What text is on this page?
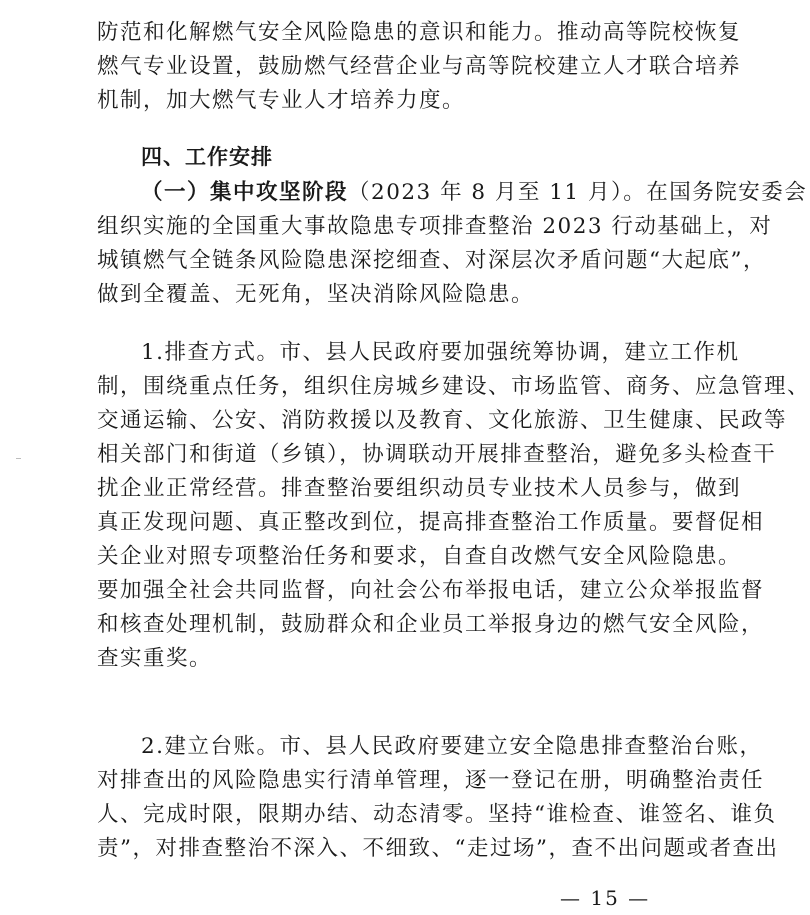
防范和化解燃气安全风险隐患的意识和能力。推动高等院校恢复
燃气专业设置，鼓励燃气经营企业与高等院校建立人才联合培养
机制，加大燃气专业人才培养力度。
四、工作安排
（一）集中攻坚阶段（2023 年 8 月至 11 月）。在国务院安委会
组织实施的全国重大事故隐患专项排查整治 2023 行动基础上，对
城镇燃气全链条风险隐患深挖细查、对深层次矛盾问题“大起底”，
做到全覆盖、无死角，坚决消除风险隐患。
1.排查方式。市、县人民政府要加强统筹协调，建立工作机
制，围绕重点任务，组织住房城乡建设、市场监管、商务、应急管理、
交通运输、公安、消防救援以及教育、文化旅游、卫生健康、民政等
相关部门和街道（乡镇），协调联动开展排查整治，避免多头检查干
扰企业正常经营。排查整治要组织动员专业技术人员参与，做到
真正发现问题、真正整改到位，提高排查整治工作质量。要督促相
关企业对照专项整治任务和要求，自查自改燃气安全风险隐患。
要加强全社会共同监督，向社会公布举报电话，建立公众举报监督
和核查处理机制，鼓励群众和企业员工举报身边的燃气安全风险，
查实重奖。
2.建立台账。市、县人民政府要建立安全隐患排查整治台账，
对排查出的风险隐患实行清单管理，逐一登记在册，明确整治责任
人、完成时限，限期办结、动态清零。坚持“谁检查、谁签名、谁负
责”，对排查整治不深入、不细致、“走过场”，查不出问题或者查出
— 15 —
